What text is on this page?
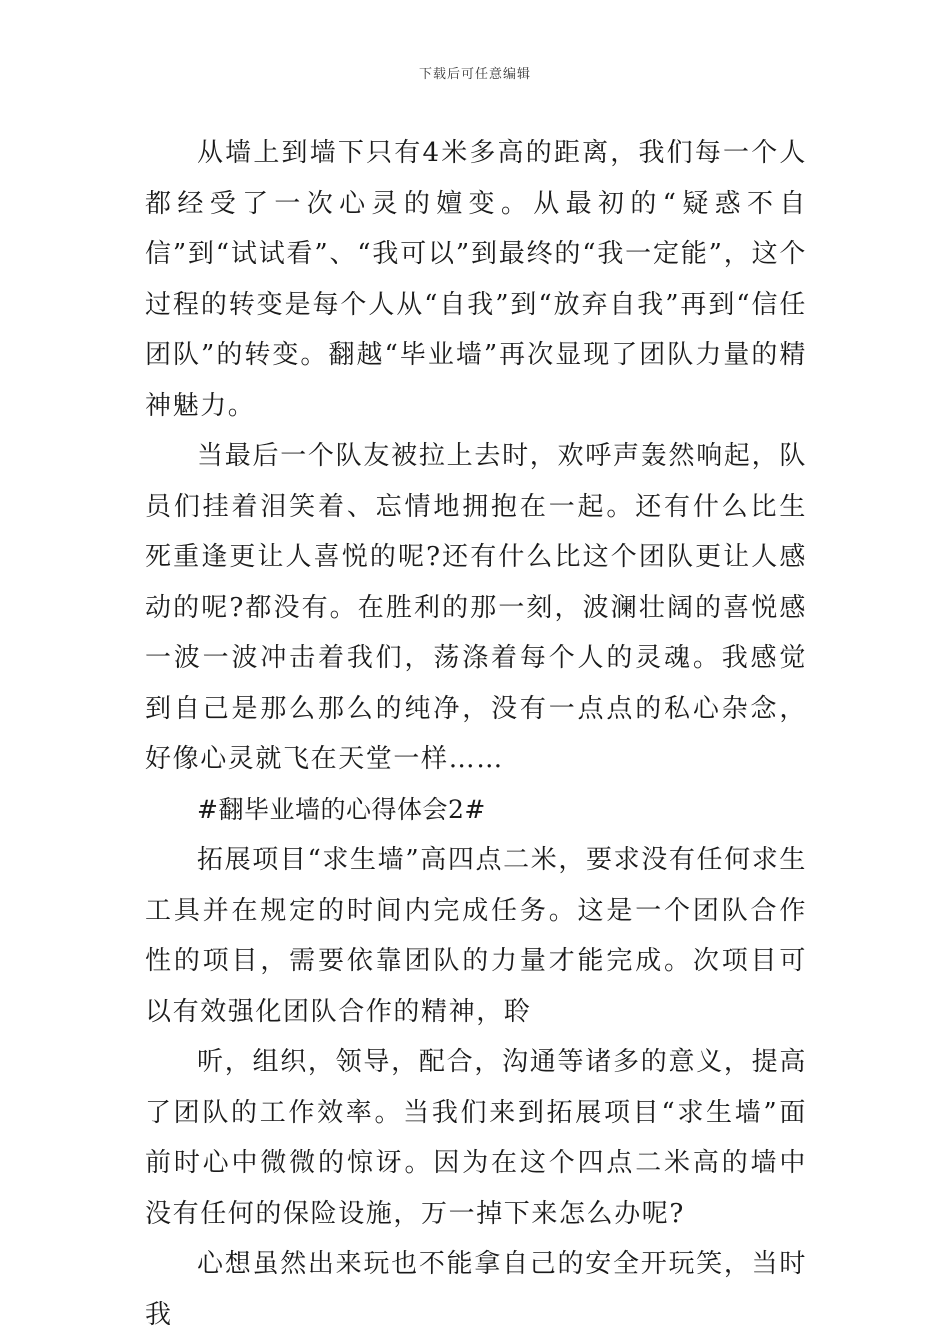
下载后可任意编辑

从墙上到墙下只有4米多高的距离，我们每一个人都经受了一次心灵的嬗变。从最初的“疑惑不自信”到“试试看”、“我可以”到最终的“我一定能”，这个过程的转变是每个人从“自我”到“放弃自我”再到“信任团队”的转变。翻越“毕业墙”再次显现了团队力量的精神魅力。

当最后一个队友被拉上去时，欢呼声轰然响起，队员们挂着泪笑着、忘情地拥抱在一起。还有什么比生死重逢更让人喜悦的呢?还有什么比这个团队更让人感动的呢?都没有。在胜利的那一刻，波澜壮阔的喜悦感一波一波冲击着我们，荡涤着每个人的灵魂。我感觉到自己是那么那么的纯净，没有一点点的私心杂念，好像心灵就飞在天堂一样……

#翻毕业墙的心得体会2#

拓展项目“求生墙”高四点二米，要求没有任何求生工具并在规定的时间内完成任务。这是一个团队合作性的项目，需要依靠团队的力量才能完成。次项目可以有效强化团队合作的精神，聆

听，组织，领导，配合，沟通等诸多的意义，提高了团队的工作效率。当我们来到拓展项目“求生墙”面前时心中微微的惊讶。因为在这个四点二米高的墙中没有任何的保险设施，万一掉下来怎么办呢?

心想虽然出来玩也不能拿自己的安全开玩笑，当时我
